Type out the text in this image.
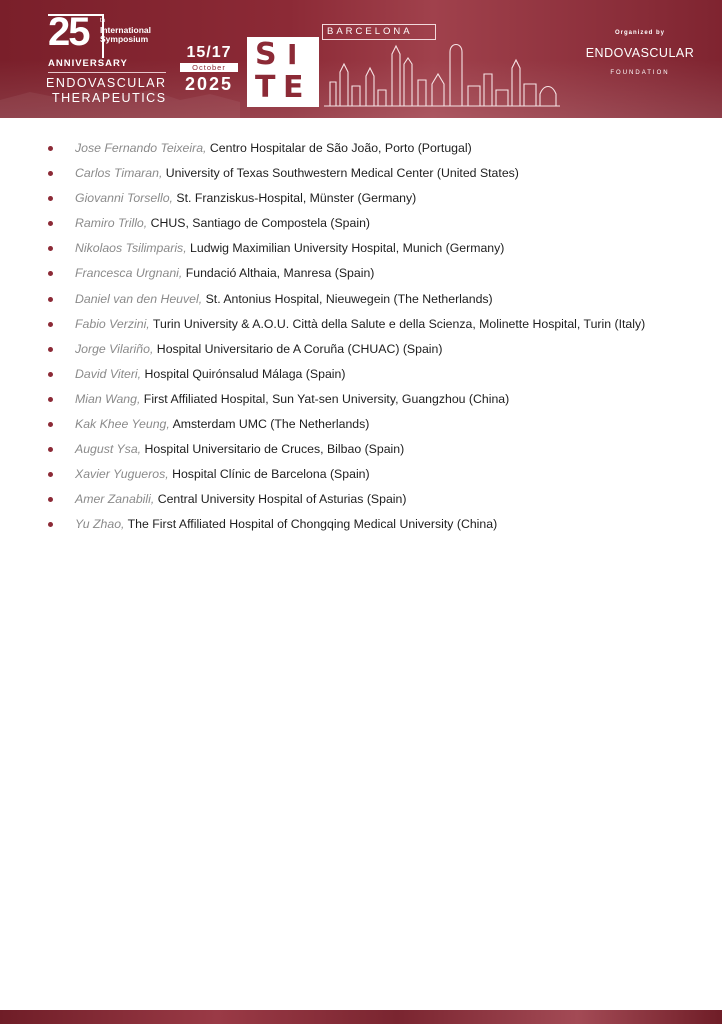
25 th
International
Symposium
ANNIVERSARY
ENDOVASCULAR
THERAPEUTICS
15/17
October
2025
S I
T E
BARCELONA	Organized by
ENDOVASCULAR
FOUNDATION
Jose Fernando Teixeira, Centro Hospitalar de São João, Porto (Portugal)
Carlos Timaran, University of Texas Southwestern Medical Center (United States)
Giovanni Torsello, St. Franziskus-Hospital, Münster (Germany)
Ramiro Trillo, CHUS, Santiago de Compostela (Spain)
Nikolaos Tsilimparis, Ludwig Maximilian University Hospital, Munich (Germany)
Francesca Urgnani, Fundació Althaia, Manresa (Spain)
Daniel van den Heuvel, St. Antonius Hospital, Nieuwegein (The Netherlands)
Fabio Verzini, Turin University & A.O.U. Città della Salute e della Scienza, Molinette Hospital, Turin (Italy)
Jorge Vilariño, Hospital Universitario de A Coruña (CHUAC) (Spain)
David Viteri, Hospital Quirónsalud Málaga (Spain)
Mian Wang, First Affiliated Hospital, Sun Yat-sen University, Guangzhou (China)
Kak Khee Yeung, Amsterdam UMC (The Netherlands)
August Ysa, Hospital Universitario de Cruces, Bilbao (Spain)
Xavier Yugueros, Hospital Clínic de Barcelona (Spain)
Amer Zanabili, Central University Hospital of Asturias (Spain)
Yu Zhao, The First Affiliated Hospital of Chongqing Medical University (China)
